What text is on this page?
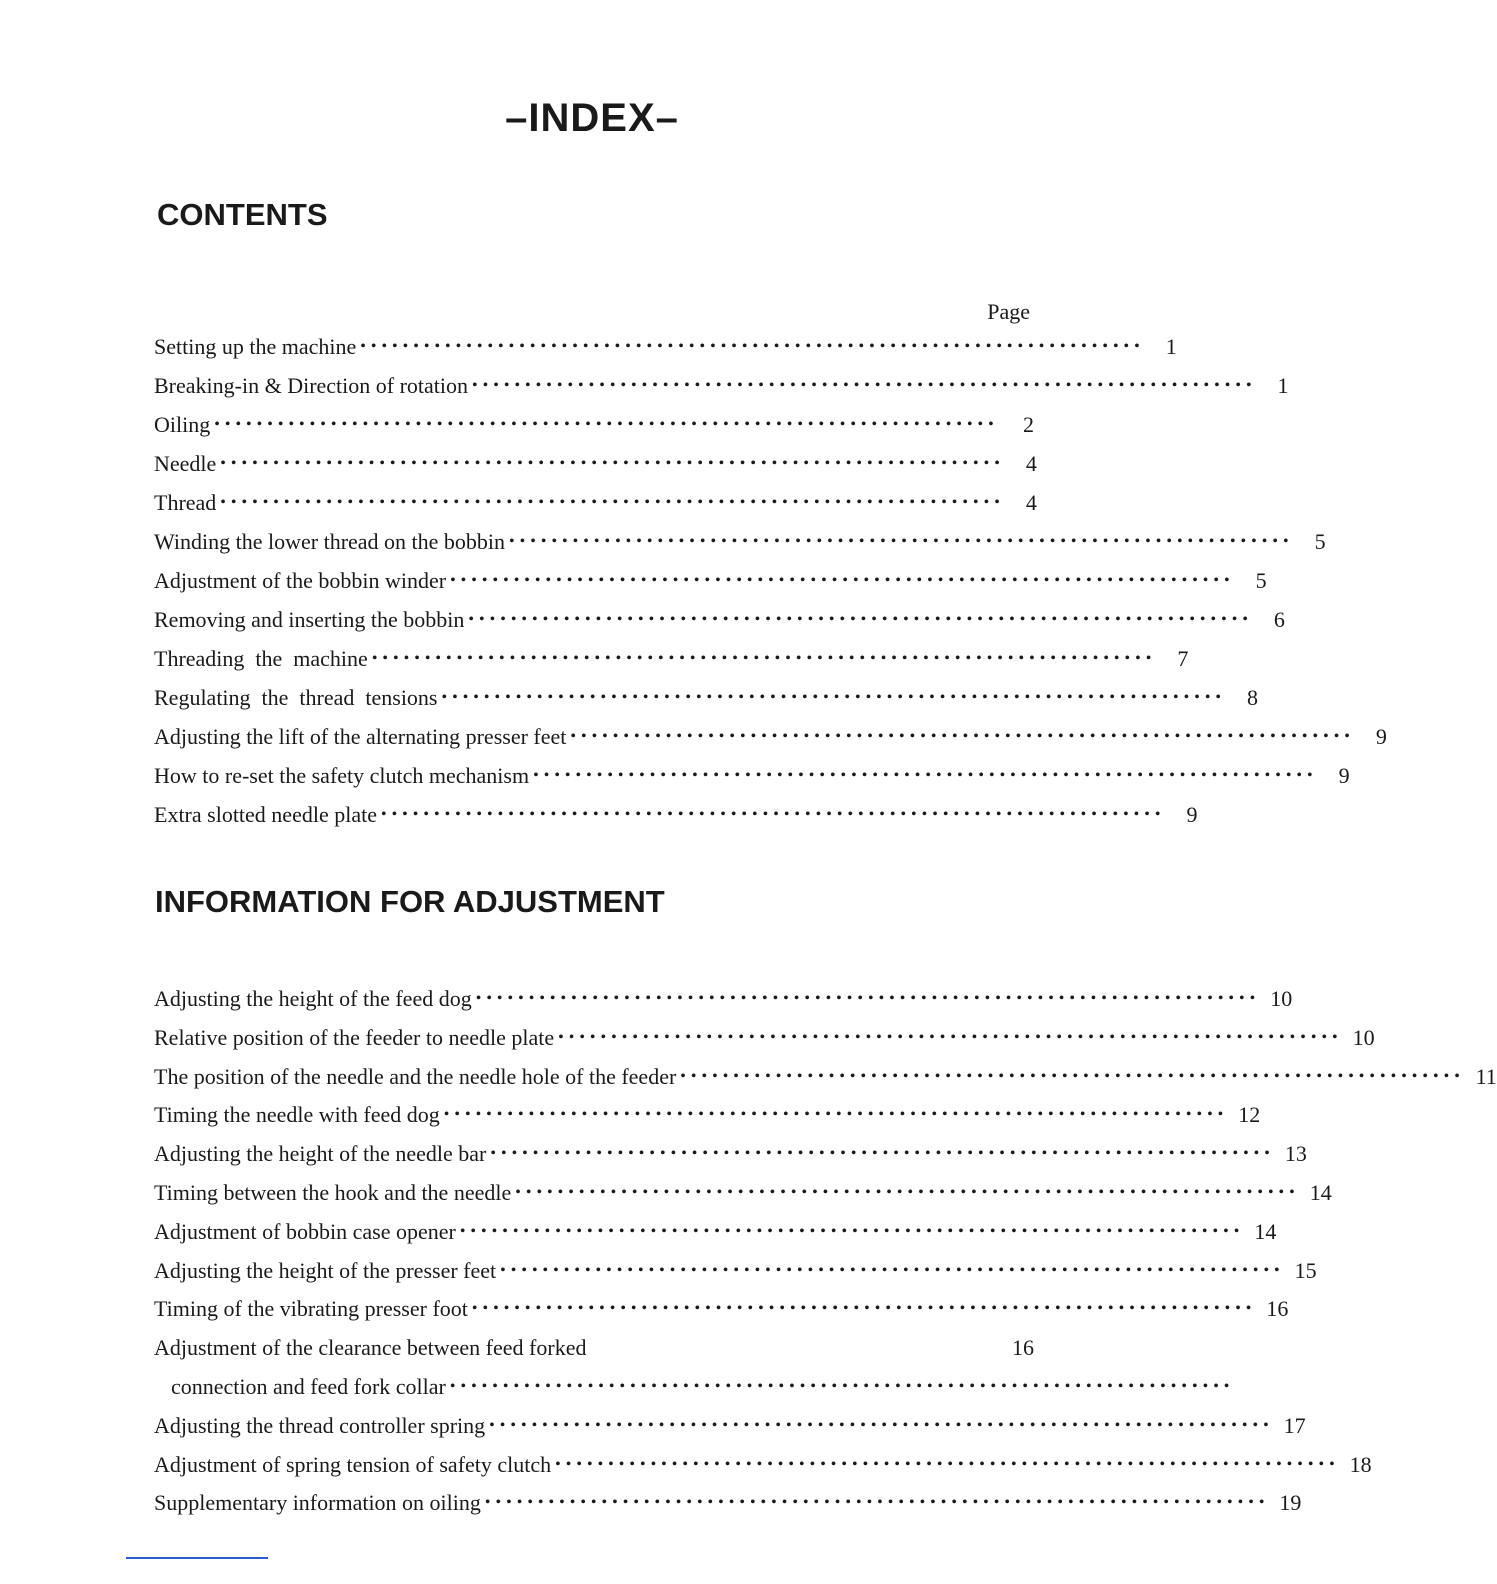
–INDEX–
CONTENTS
Page
Setting up the machine •••••••••••••••••••••••••••••••••••••••••••••••••••••••••••••••••••••••••• 1
Breaking-in & Direction of rotation •••••••••••••••••••••••••••••••••••••••••••••••••••••••••••••••••••••••••• 1
Oiling ••••••••••••••••••••••••••••••••••••••••••••••••••••••••••••••••••••••••••	2
Needle •••••••••••••••••••••••••••••••••••••••••••••••••••••••••••••••••••••••••• 4
Thread •••••••••••••••••••••••••••••••••••••••••••••••••••••••••••••••••••••••••• 4
Winding the lower thread on the bobbin •••••••••••••••••••••••••••••••••••••••••••••••••••••••••••••••••••••••••• 5
Adjustment of the bobbin winder •••••••••••••••••••••••••••••••••••••••••••••••••••••••••••••••••••••••••• 5
Removing and inserting the bobbin •••••••••••••••••••••••••••••••••••••••••••••••••••••••••••••••••••••••••• 6
Threading  the  machine •••••••••••••••••••••••••••••••••••••••••••••••••••••••••••••••••••••••••• 7
Regulating  the  thread  tensions •••••••••••••••••••••••••••••••••••••••••••••••••••••••••••••••••••••••••• 8
Adjusting the lift of the alternating presser feet •••••••••••••••••••••••••••••••••••••••••••••••••••••••••••••••••••••••••• 9
How to re-set the safety clutch mechanism •••••••••••••••••••••••••••••••••••••••••••••••••••••••••••••••••••••••••• 9
Extra slotted needle plate •••••••••••••••••••••••••••••••••••••••••••••••••••••••••••••••••••••••••• 9
INFORMATION FOR ADJUSTMENT
Adjusting the height of the feed dog •••••••••••••••••••••••••••••••••••••••••••••••••••••••••••••••••••••••••• 10
Relative position of the feeder to needle plate •••••••••••••••••••••••••••••••••••••••••••••••••••••••••••••••••••••••••• 10
The position of the needle and the needle hole of the feeder •••••••••••••••••••••••••••••••••••••••••••••••••••••••••••••••••••••••••• 11
Timing the needle with feed dog •••••••••••••••••••••••••••••••••••••••••••••••••••••••••••••••••••••••••• 12
Adjusting the height of the needle bar •••••••••••••••••••••••••••••••••••••••••••••••••••••••••••••••••••••••••• 13
Timing between the hook and the needle •••••••••••••••••••••••••••••••••••••••••••••••••••••••••••••••••••••••••• 14
Adjustment of bobbin case opener •••••••••••••••••••••••••••••••••••••••••••••••••••••••••••••••••••••••••• 14
Adjusting the height of the presser feet •••••••••••••••••••••••••••••••••••••••••••••••••••••••••••••••••••••••••• 15
Timing of the vibrating presser foot •••••••••••••••••••••••••••••••••••••••••••••••••••••••••••••••••••••••••• 16
Adjustment of the clearance between feed forked	16
connection and feed fork collar ••••••••••••••••••••••••••••••••••••••••••••••••••••••••••••••••••••••••••
Adjusting the thread controller spring •••••••••••••••••••••••••••••••••••••••••••••••••••••••••••••••••••••••••• 17
Adjustment of spring tension of safety clutch •••••••••••••••••••••••••••••••••••••••••••••••••••••••••••••••••••••••••• 18
Supplementary information on oiling •••••••••••••••••••••••••••••••••••••••••••••••••••••••••••••••••••••••••• 19
